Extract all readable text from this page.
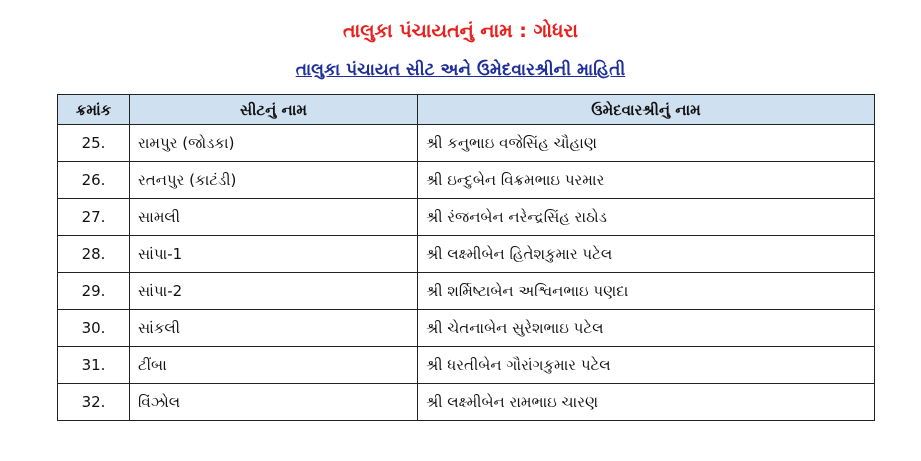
તાલુકા પંચાયતનું નામ : ગોધરા
તાલુકા પંચાયત સીટ અને ઉમેદવારશ્રીની માહિતી
ક્રમાંક	સીટનું નામ	ઉમેદવારશ્રીનું નામ
25.	રામપુર (જોડકા)	શ્રી કનુભાઇ વજેસિંહ ચૌહાણ
26.	રતનપુર (કાટંડી)	શ્રી ઇન્દુબેન વિક્રમભાઇ પરમાર
27.	સામલી	શ્રી રંજનબેન નરેન્દ્રસિંહ રાઠોડ
28.	સાંપા-1	શ્રી લક્ષ્મીબેન હિતેશકુમાર પટેલ
29.	સાંપા-2	શ્રી શર્મિષ્ટાબેન અશ્વિનભાઇ પણદા
30.	સાંકલી	શ્રી ચેતનાબેન સુરેશભાઇ પટેલ
31.	ટીંબા	શ્રી ધરતીબેન ગૌરાંગકુમાર પટેલ
32.	વિંઝોલ	શ્રી લક્ષ્મીબેન રામભાઇ ચારણ
